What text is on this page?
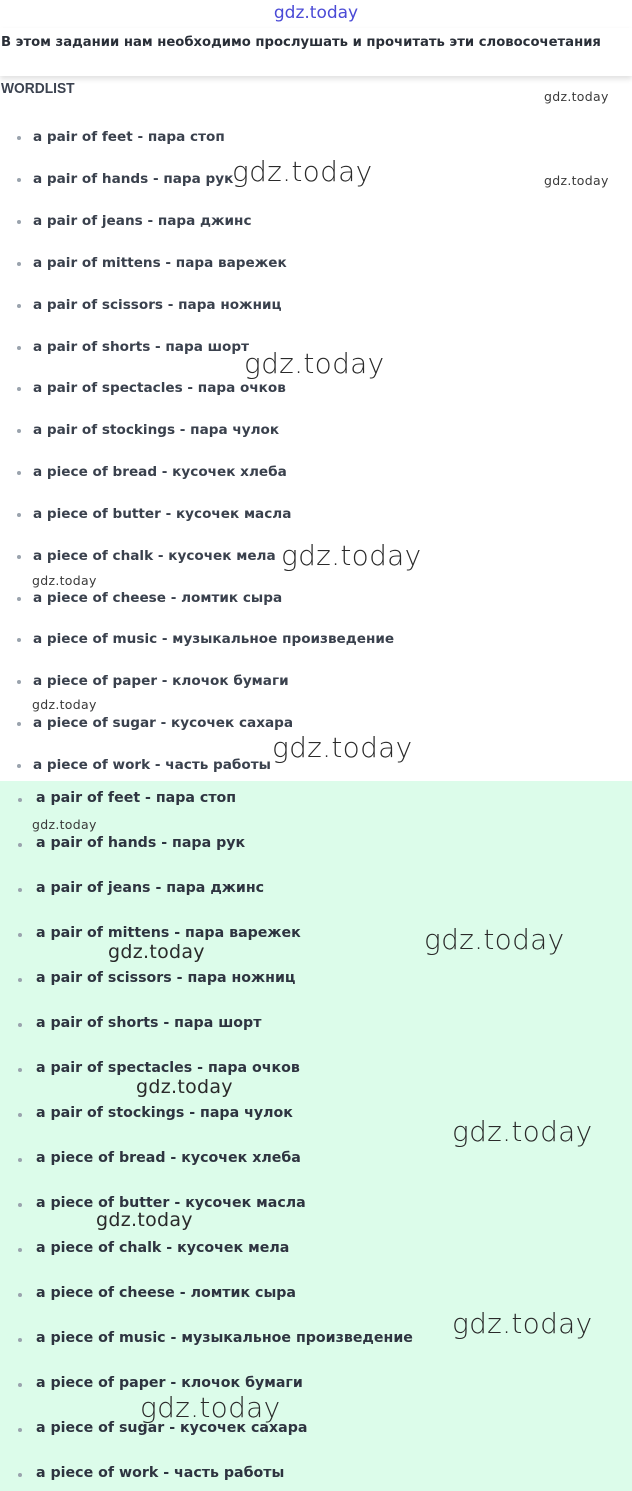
gdz.today
В этом задании нам необходимо прослушать и прочитать эти словосочетания
WORDLIST
a pair of feet - пара стоп
a pair of hands - пара рук
a pair of jeans - пара джинс
a pair of mittens - пара варежек
a pair of scissors - пара ножниц
a pair of shorts - пара шорт
a pair of spectacles - пара очков
a pair of stockings - пара чулок
a piece of bread - кусочек хлеба
a piece of butter - кусочек масла
a piece of chalk - кусочек мела
a piece of cheese - ломтик сыра
a piece of music - музыкальное произведение
a piece of paper - клочок бумаги
a piece of sugar - кусочек сахара
a piece of work - часть работы
a pair of feet - пара стоп
a pair of hands - пара рук
a pair of jeans - пара джинс
a pair of mittens - пара варежек
a pair of scissors - пара ножниц
a pair of shorts - пара шорт
a pair of spectacles - пара очков
a pair of stockings - пара чулок
a piece of bread - кусочек хлеба
a piece of butter - кусочек масла
a piece of chalk - кусочек мела
a piece of cheese - ломтик сыра
a piece of music - музыкальное произведение
a piece of paper - клочок бумаги
a piece of sugar - кусочек сахара
a piece of work - часть работы
gdz.today
gdz.today	gdz.today
gdz.today
gdz.today
gdz.today
gdz.today
gdz.today
gdz.today
gdz.today
gdz.today
gdz.today
gdz.today
gdz.today
gdz.today
gdz.today
